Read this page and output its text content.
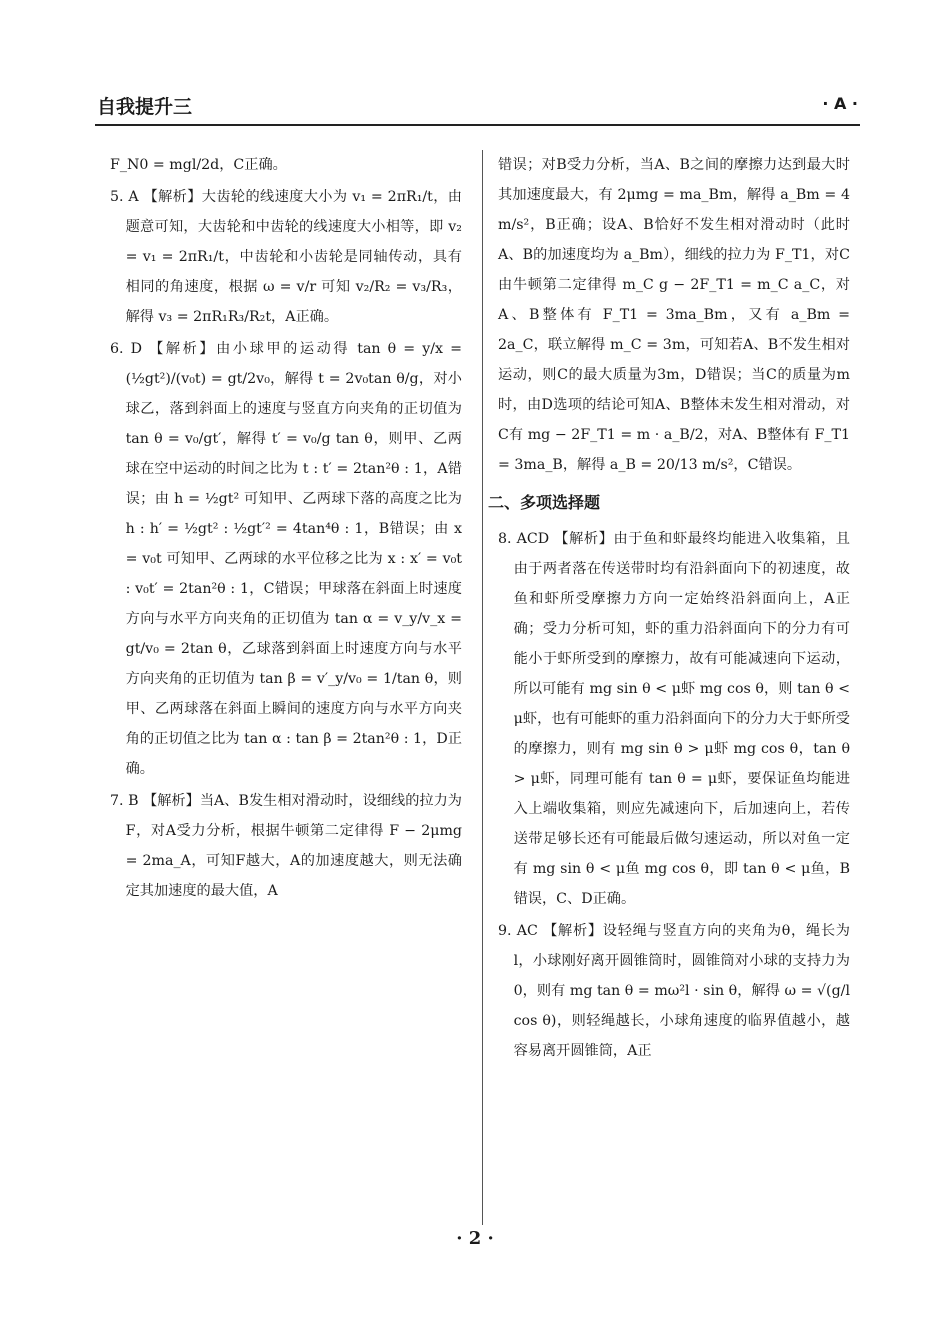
自我提升三	· A ·

F_N0 = mgl/2d，C正确。

5. A 【解析】大齿轮的线速度大小为 v₁ = 2πR₁/t，由题意可知，大齿轮和中齿轮的线速度大小相等，即 v₂ = v₁ = 2πR₁/t，中齿轮和小齿轮是同轴传动，具有相同的角速度，根据 ω = v/r 可知 v₂/R₂ = v₃/R₃，解得 v₃ = 2πR₁R₃/R₂t，A正确。

6. D 【解析】由小球甲的运动得 tan θ = y/x = (½gt²)/(v₀t) = gt/2v₀，解得 t = 2v₀tan θ/g，对小球乙，落到斜面上的速度与竖直方向夹角的正切值为 tan θ = v₀/gt′，解得 t′ = v₀/g tan θ，则甲、乙两球在空中运动的时间之比为 t : t′ = 2tan²θ : 1，A错误；由 h = ½gt² 可知甲、乙两球下落的高度之比为 h : h′ = ½gt² : ½gt′² = 4tan⁴θ : 1，B错误；由 x = v₀t 可知甲、乙两球的水平位移之比为 x : x′ = v₀t : v₀t′ = 2tan²θ : 1，C错误；甲球落在斜面上时速度方向与水平方向夹角的正切值为 tan α = v_y/v_x = gt/v₀ = 2tan θ，乙球落到斜面上时速度方向与水平方向夹角的正切值为 tan β = v′_y/v₀ = 1/tan θ，则甲、乙两球落在斜面上瞬间的速度方向与水平方向夹角的正切值之比为 tan α : tan β = 2tan²θ : 1，D正确。

7. B 【解析】当A、B发生相对滑动时，设细线的拉力为F，对A受力分析，根据牛顿第二定律得 F − 2μmg = 2ma_A，可知F越大，A的加速度越大，则无法确定其加速度的最大值，A

错误；对B受力分析，当A、B之间的摩擦力达到最大时其加速度最大，有 2μmg = ma_Bm，解得 a_Bm = 4 m/s²，B正确；设A、B恰好不发生相对滑动时（此时A、B的加速度均为 a_Bm），细线的拉力为 F_T1，对C由牛顿第二定律得 m_C g − 2F_T1 = m_C a_C，对A、B整体有 F_T1 = 3ma_Bm，又有 a_Bm = 2a_C，联立解得 m_C = 3m，可知若A、B不发生相对运动，则C的最大质量为3m，D错误；当C的质量为m时，由D选项的结论可知A、B整体未发生相对滑动，对C有 mg − 2F_T1 = m · a_B/2，对A、B整体有 F_T1 = 3ma_B，解得 a_B = 20/13 m/s²，C错误。

二、多项选择题

8. ACD 【解析】由于鱼和虾最终均能进入收集箱，且由于两者落在传送带时均有沿斜面向下的初速度，故鱼和虾所受摩擦力方向一定始终沿斜面向上，A正确；受力分析可知，虾的重力沿斜面向下的分力有可能小于虾所受到的摩擦力，故有可能减速向下运动，所以可能有 mg sin θ < μ虾 mg cos θ，则 tan θ < μ虾，也有可能虾的重力沿斜面向下的分力大于虾所受的摩擦力，则有 mg sin θ > μ虾 mg cos θ，tan θ > μ虾，同理可能有 tan θ = μ虾，要保证鱼均能进入上端收集箱，则应先减速向下，后加速向上，若传送带足够长还有可能最后做匀速运动，所以对鱼一定有 mg sin θ < μ鱼 mg cos θ，即 tan θ < μ鱼，B错误，C、D正确。

9. AC 【解析】设轻绳与竖直方向的夹角为θ，绳长为l，小球刚好离开圆锥筒时，圆锥筒对小球的支持力为0，则有 mg tan θ = mω²l · sin θ，解得 ω = √(g/l cos θ)，则轻绳越长，小球角速度的临界值越小，越容易离开圆锥筒，A正

· 2 ·
